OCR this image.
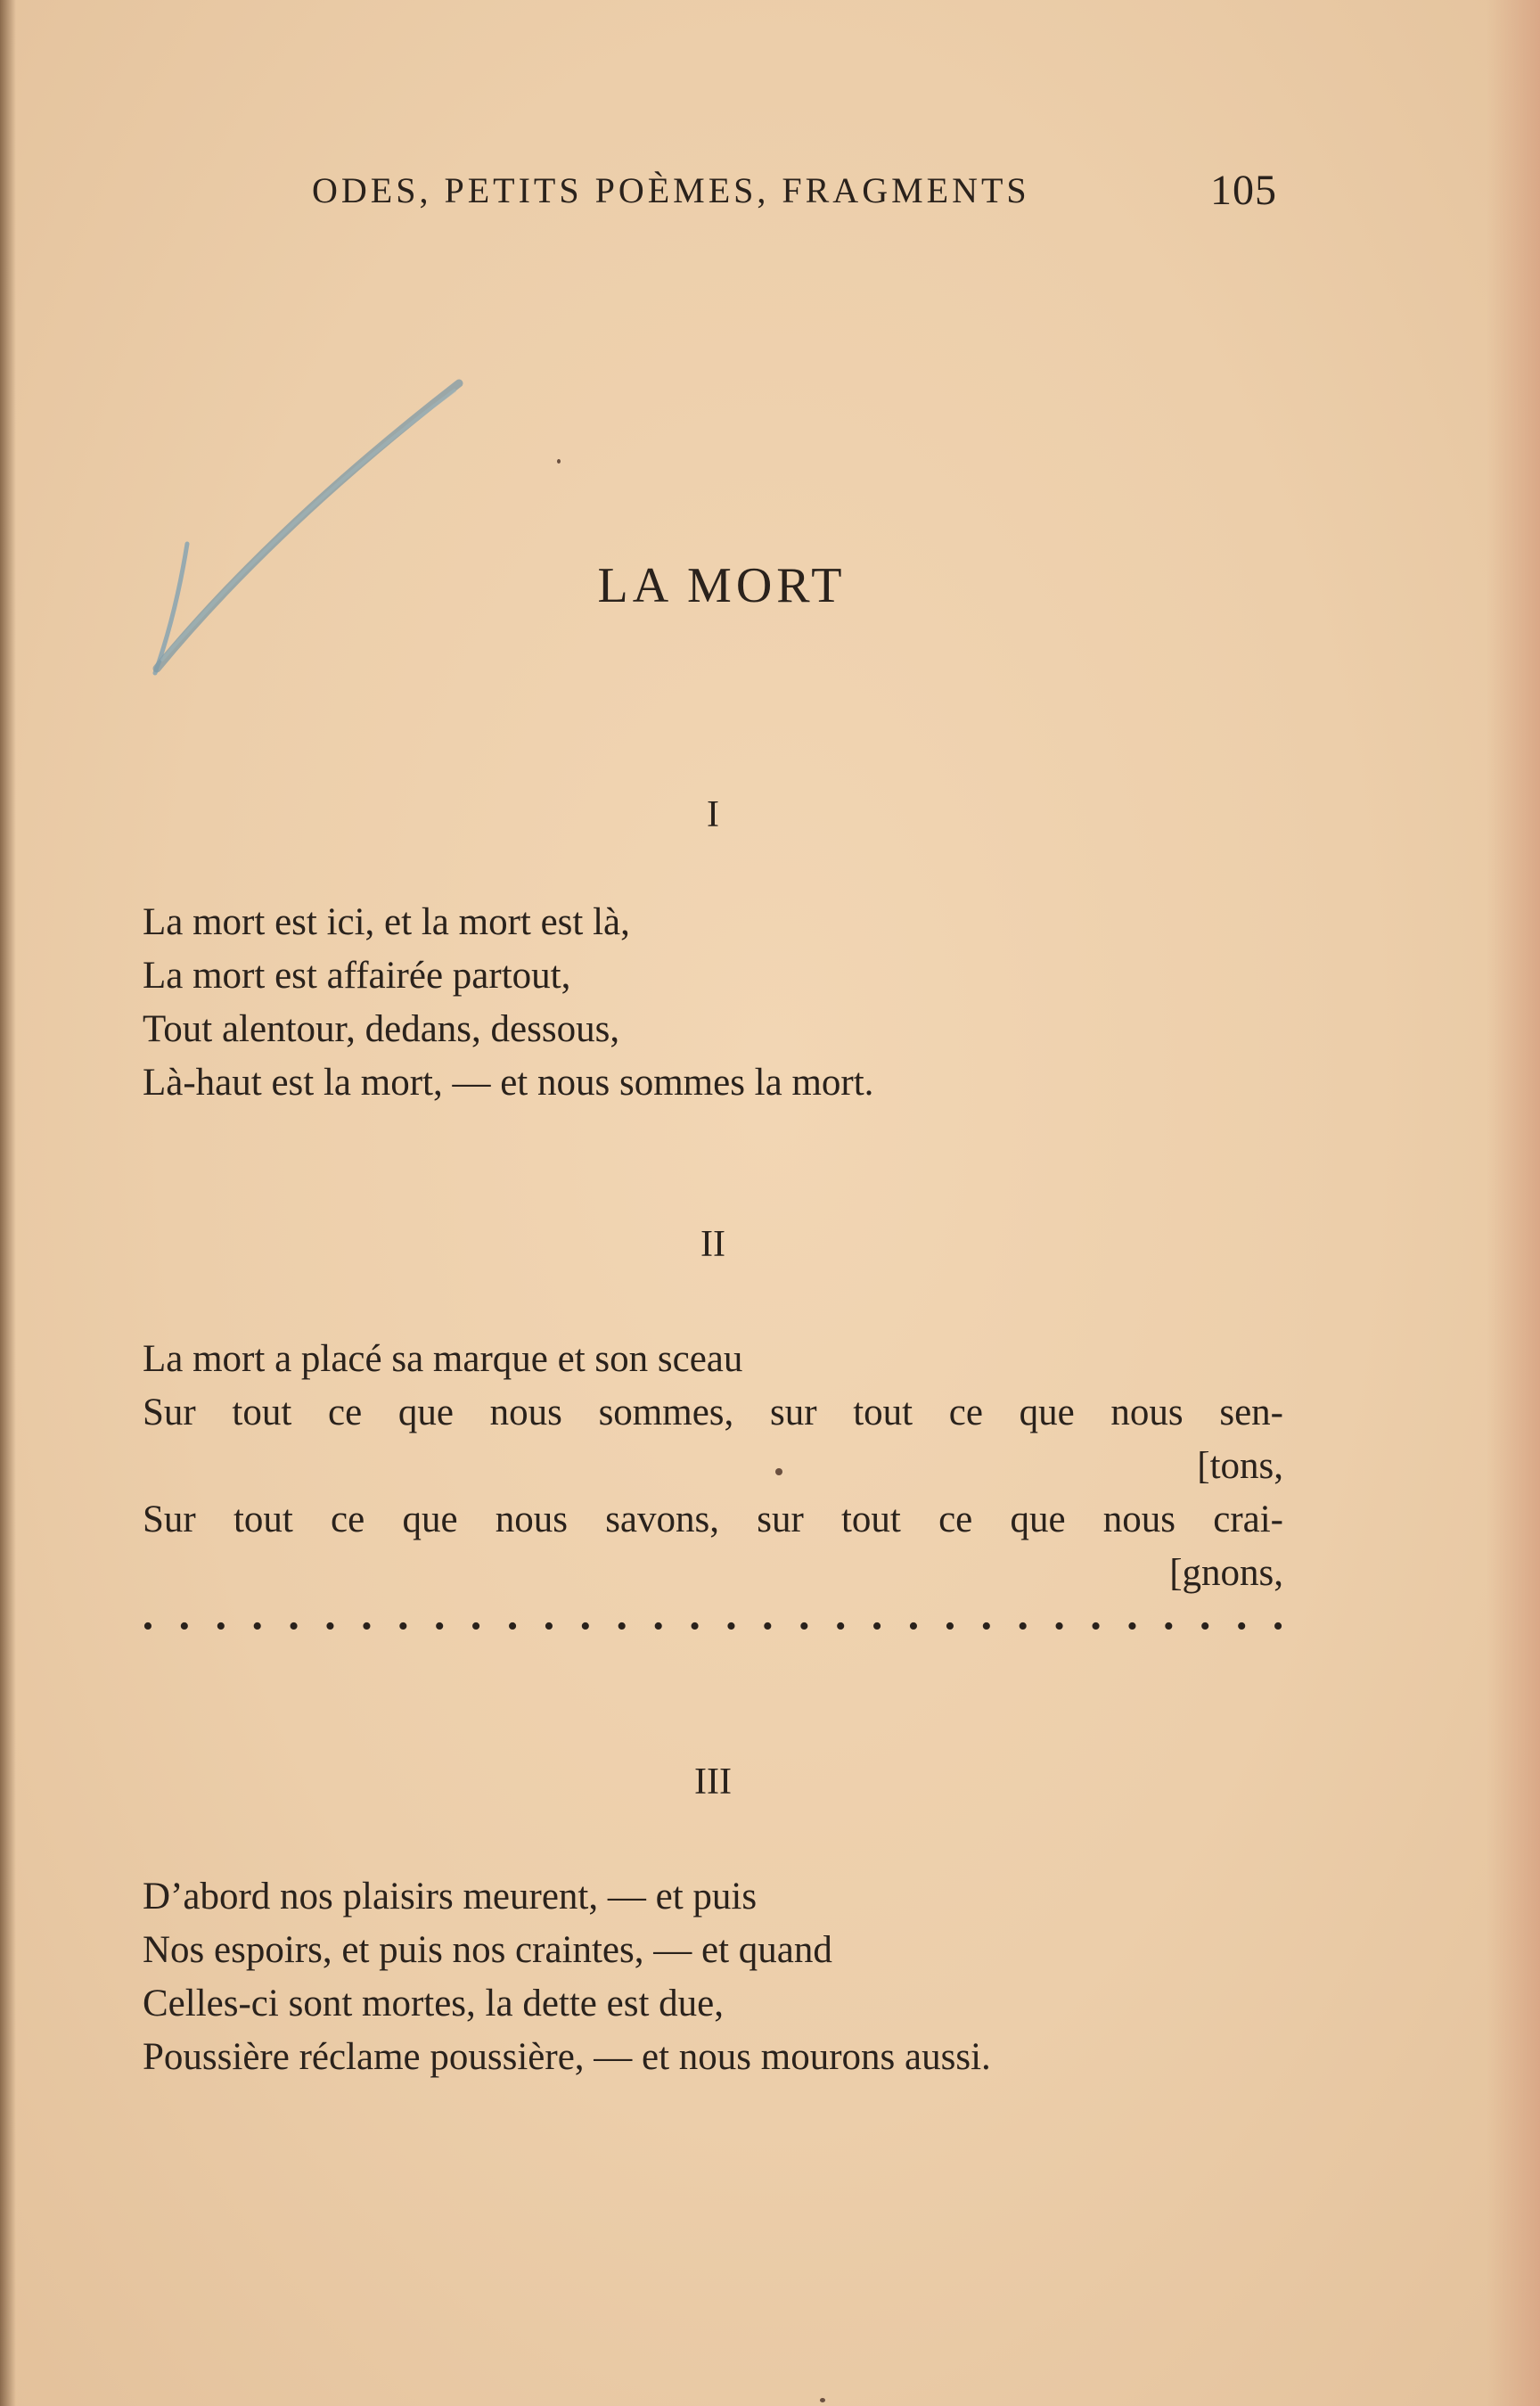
ODES, PETITS POÈMES, FRAGMENTS	105
LA MORT
I
La mort est ici, et la mort est là,
La mort est affairée partout,
Tout alentour, dedans, dessous,
Là-haut est la mort, — et nous sommes la mort.
II
La mort a placé sa marque et son sceau
Sur tout ce que nous sommes, sur tout ce que nous sen-
[tons,
Sur tout ce que nous savons, sur tout ce que nous crai-
[gnons,
• • • • • • • • • • • • • • • • • • • • • • • • • • • • • • • •
III
D’abord nos plaisirs meurent, — et puis
Nos espoirs, et puis nos craintes, — et quand
Celles-ci sont mortes, la dette est due,
Poussière réclame poussière, — et nous mourons aussi.
